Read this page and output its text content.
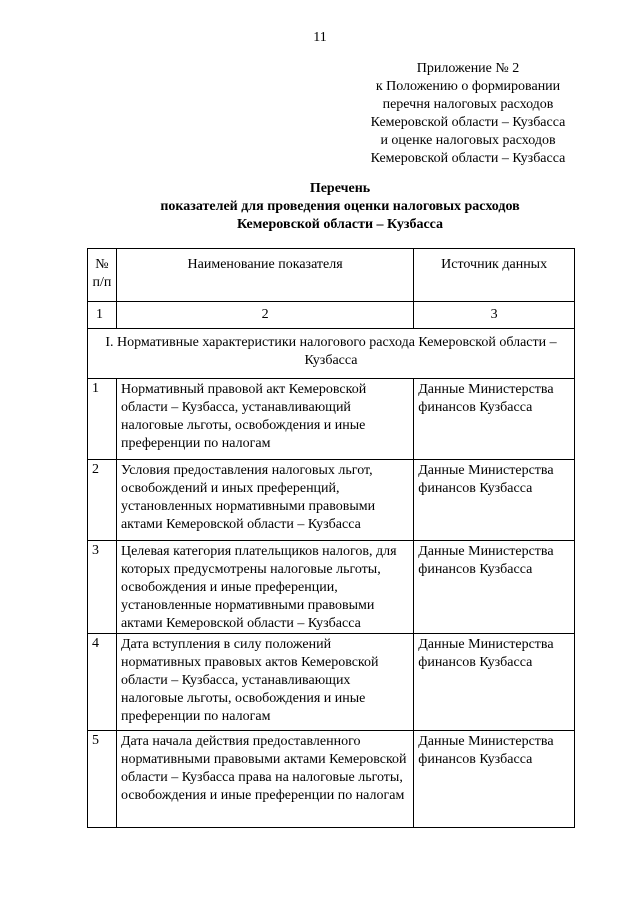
11
Приложение № 2
к Положению о формировании
перечня налоговых расходов
Кемеровской области – Кузбасса
и оценке налоговых расходов
Кемеровской области – Кузбасса
Перечень
показателей для проведения оценки налоговых расходов
Кемеровской области – Кузбасса
№ п/п	Наименование показателя	Источник данных
1	2	3
I. Нормативные характеристики налогового расхода Кемеровской области – Кузбасса		
1	Нормативный правовой акт Кемеровской области – Кузбасса, устанавливающий налоговые льготы, освобождения и иные преференции по налогам	Данные Министерства финансов Кузбасса
2	Условия предоставления налоговых льгот, освобождений и иных преференций, установленных нормативными правовыми актами Кемеровской области – Кузбасса	Данные Министерства финансов Кузбасса
3	Целевая категория плательщиков налогов, для которых предусмотрены налоговые льготы, освобождения и иные преференции, установленные нормативными правовыми актами Кемеровской области – Кузбасса	Данные Министерства финансов Кузбасса
4	Дата вступления в силу положений нормативных правовых актов Кемеровской области – Кузбасса, устанавливающих налоговые льготы, освобождения и иные преференции по налогам	Данные Министерства финансов Кузбасса
5	Дата начала действия предоставленного нормативными правовыми актами Кемеровской области – Кузбасса права на налоговые льготы, освобождения и иные преференции по налогам	Данные Министерства финансов Кузбасса
